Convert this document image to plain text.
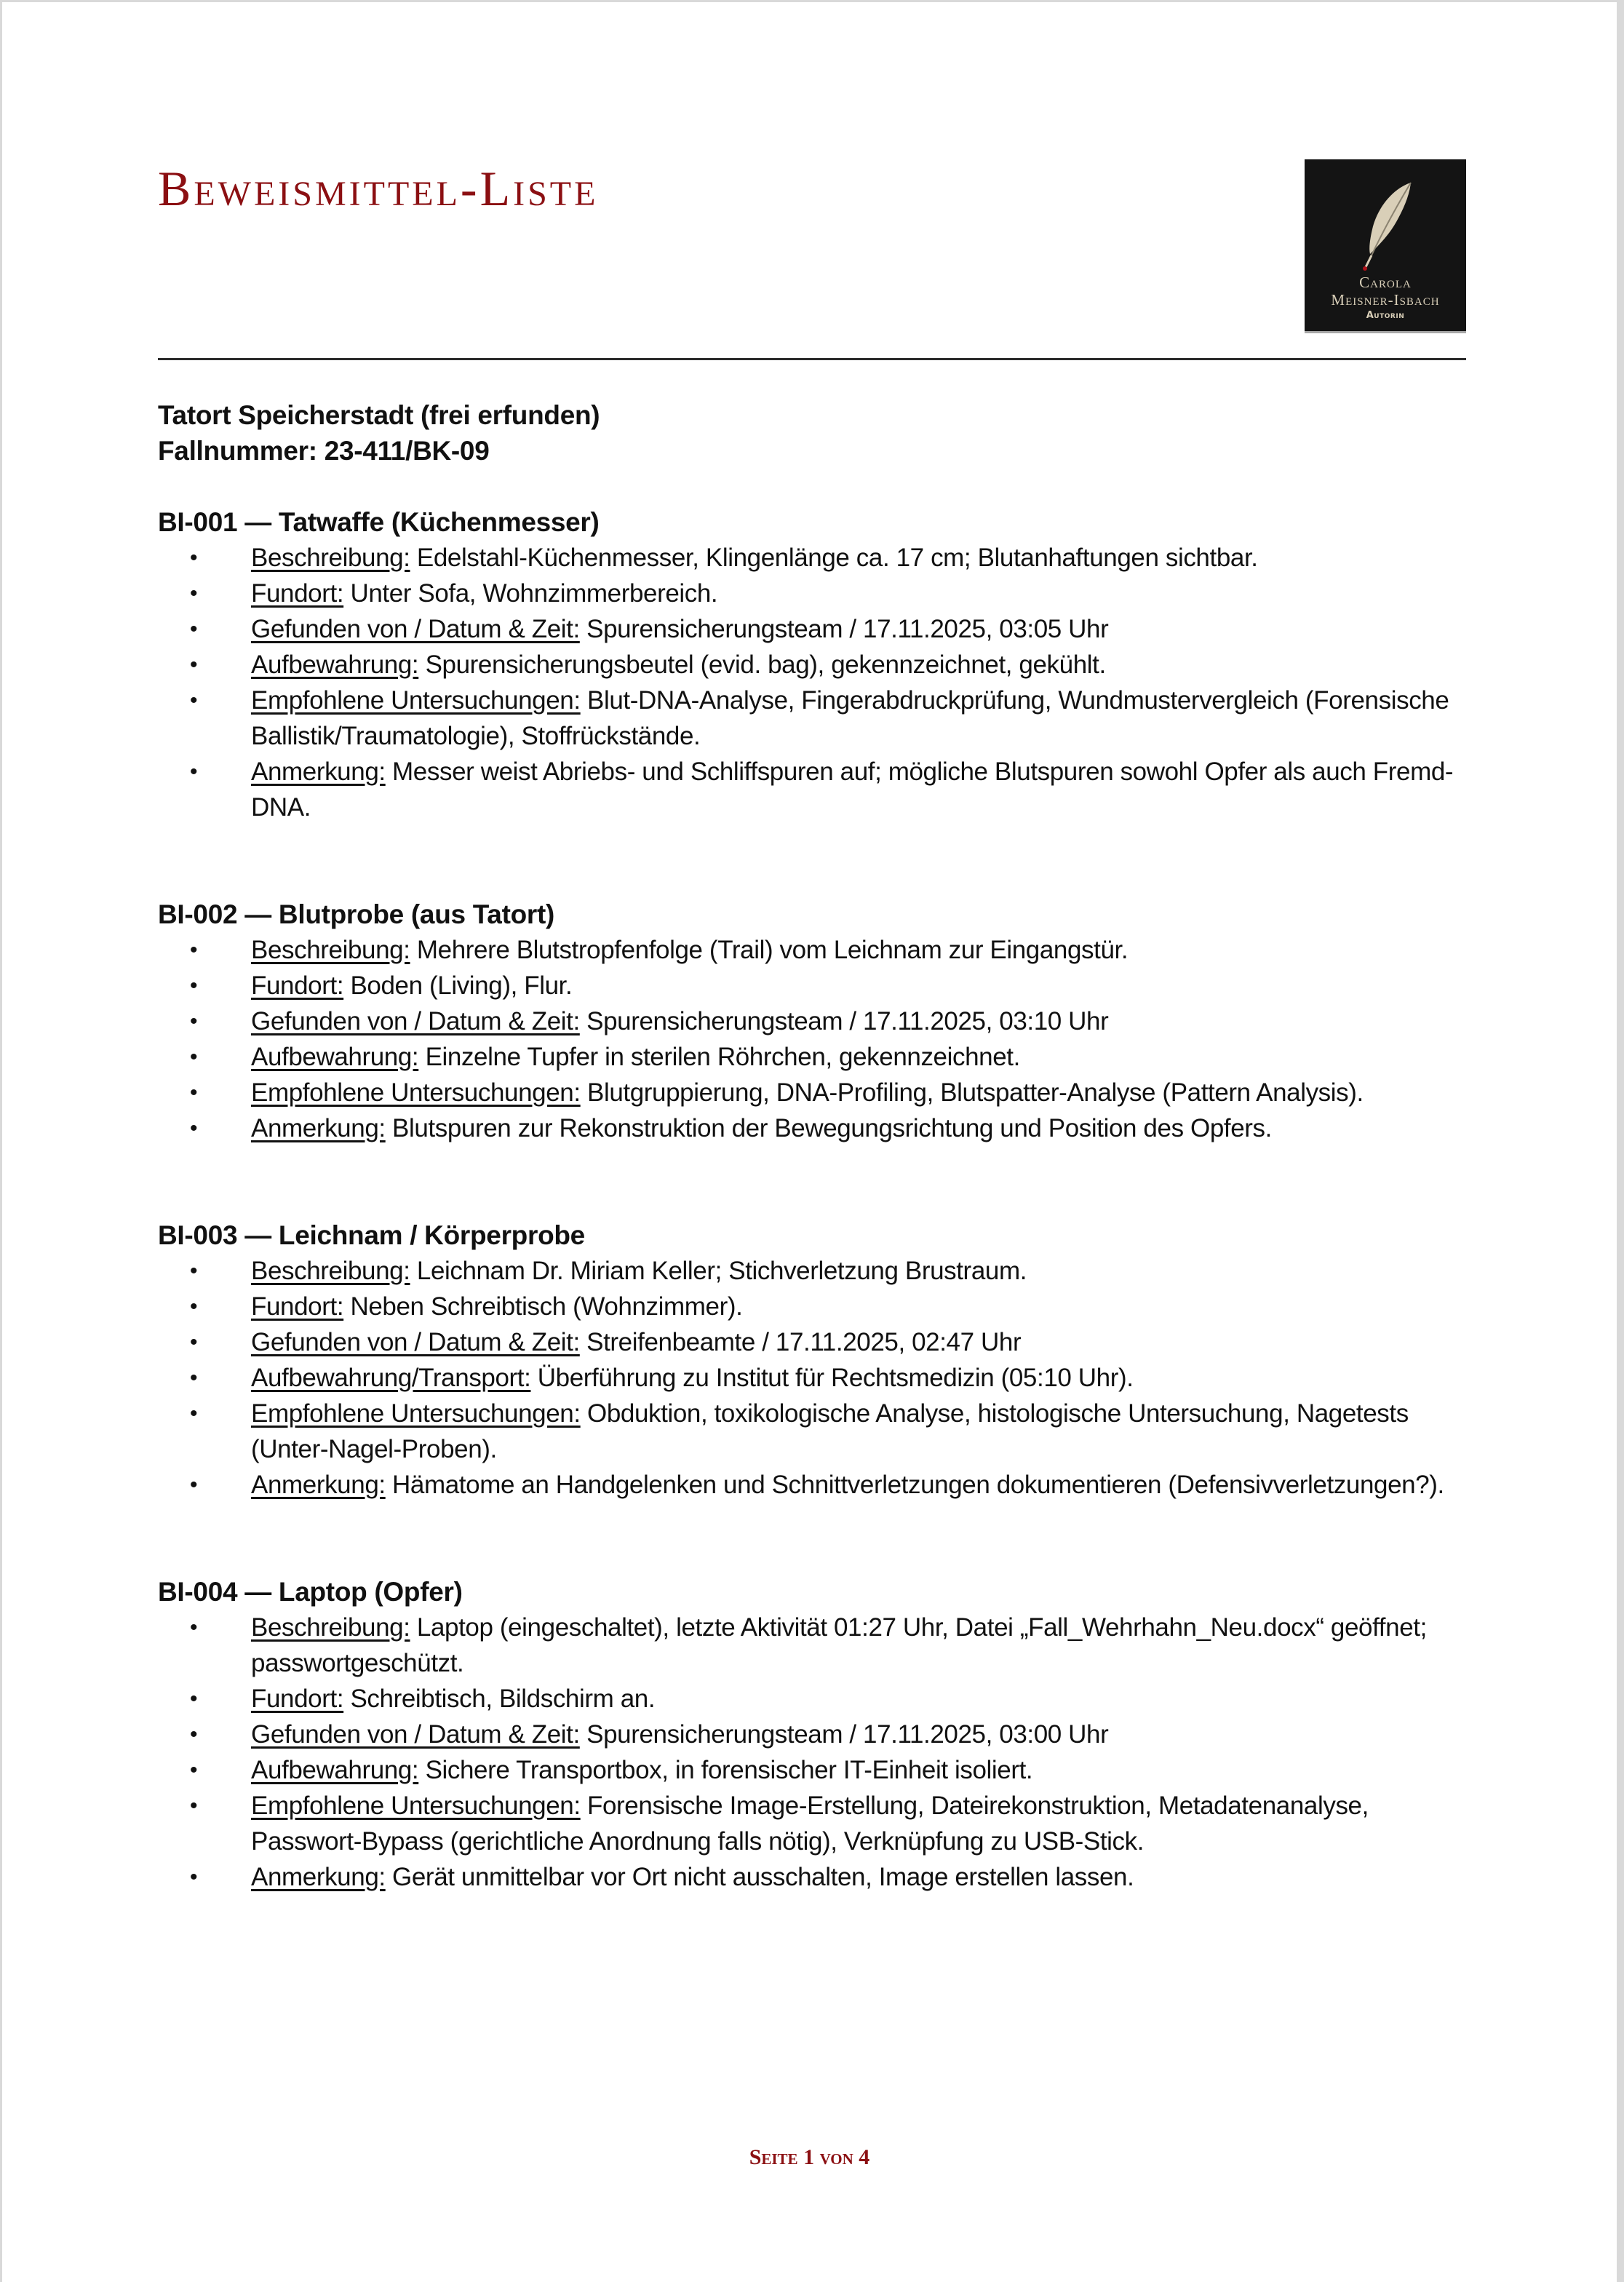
Beweismittel-Liste
Carola
Meisner-Isbach
Autorin
Tatort Speicherstadt (frei erfunden)
Fallnummer: 23-411/BK-09
BI-001 — Tatwaffe (Küchenmesser)
• Beschreibung: Edelstahl-Küchenmesser, Klingenlänge ca. 17 cm; Blutanhaftungen sichtbar.
• Fundort: Unter Sofa, Wohnzimmerbereich.
• Gefunden von / Datum & Zeit: Spurensicherungsteam / 17.11.2025, 03:05 Uhr
• Aufbewahrung: Spurensicherungsbeutel (evid. bag), gekennzeichnet, gekühlt.
• Empfohlene Untersuchungen: Blut-DNA-Analyse, Fingerabdruckprüfung, Wundmustervergleich (Forensische Ballistik/Traumatologie), Stoffrückstände.
• Anmerkung: Messer weist Abriebs- und Schliffspuren auf; mögliche Blutspuren sowohl Opfer als auch Fremd-DNA.
BI-002 — Blutprobe (aus Tatort)
• Beschreibung: Mehrere Blutstropfenfolge (Trail) vom Leichnam zur Eingangstür.
• Fundort: Boden (Living), Flur.
• Gefunden von / Datum & Zeit: Spurensicherungsteam / 17.11.2025, 03:10 Uhr
• Aufbewahrung: Einzelne Tupfer in sterilen Röhrchen, gekennzeichnet.
• Empfohlene Untersuchungen: Blutgruppierung, DNA-Profiling, Blutspatter-Analyse (Pattern Analysis).
• Anmerkung: Blutspuren zur Rekonstruktion der Bewegungsrichtung und Position des Opfers.
BI-003 — Leichnam / Körperprobe
• Beschreibung: Leichnam Dr. Miriam Keller; Stichverletzung Brustraum.
• Fundort: Neben Schreibtisch (Wohnzimmer).
• Gefunden von / Datum & Zeit: Streifenbeamte / 17.11.2025, 02:47 Uhr
• Aufbewahrung/Transport: Überführung zu Institut für Rechtsmedizin (05:10 Uhr).
• Empfohlene Untersuchungen: Obduktion, toxikologische Analyse, histologische Untersuchung, Nagetests (Unter-Nagel-Proben).
• Anmerkung: Hämatome an Handgelenken und Schnittverletzungen dokumentieren (Defensivverletzungen?).
BI-004 — Laptop (Opfer)
• Beschreibung: Laptop (eingeschaltet), letzte Aktivität 01:27 Uhr, Datei „Fall_Wehrhahn_Neu.docx“ geöffnet; passwortgeschützt.
• Fundort: Schreibtisch, Bildschirm an.
• Gefunden von / Datum & Zeit: Spurensicherungsteam / 17.11.2025, 03:00 Uhr
• Aufbewahrung: Sichere Transportbox, in forensischer IT-Einheit isoliert.
• Empfohlene Untersuchungen: Forensische Image-Erstellung, Dateirekonstruktion, Metadatenanalyse, Passwort-Bypass (gerichtliche Anordnung falls nötig), Verknüpfung zu USB-Stick.
• Anmerkung: Gerät unmittelbar vor Ort nicht ausschalten, Image erstellen lassen.
Seite 1 von 4
